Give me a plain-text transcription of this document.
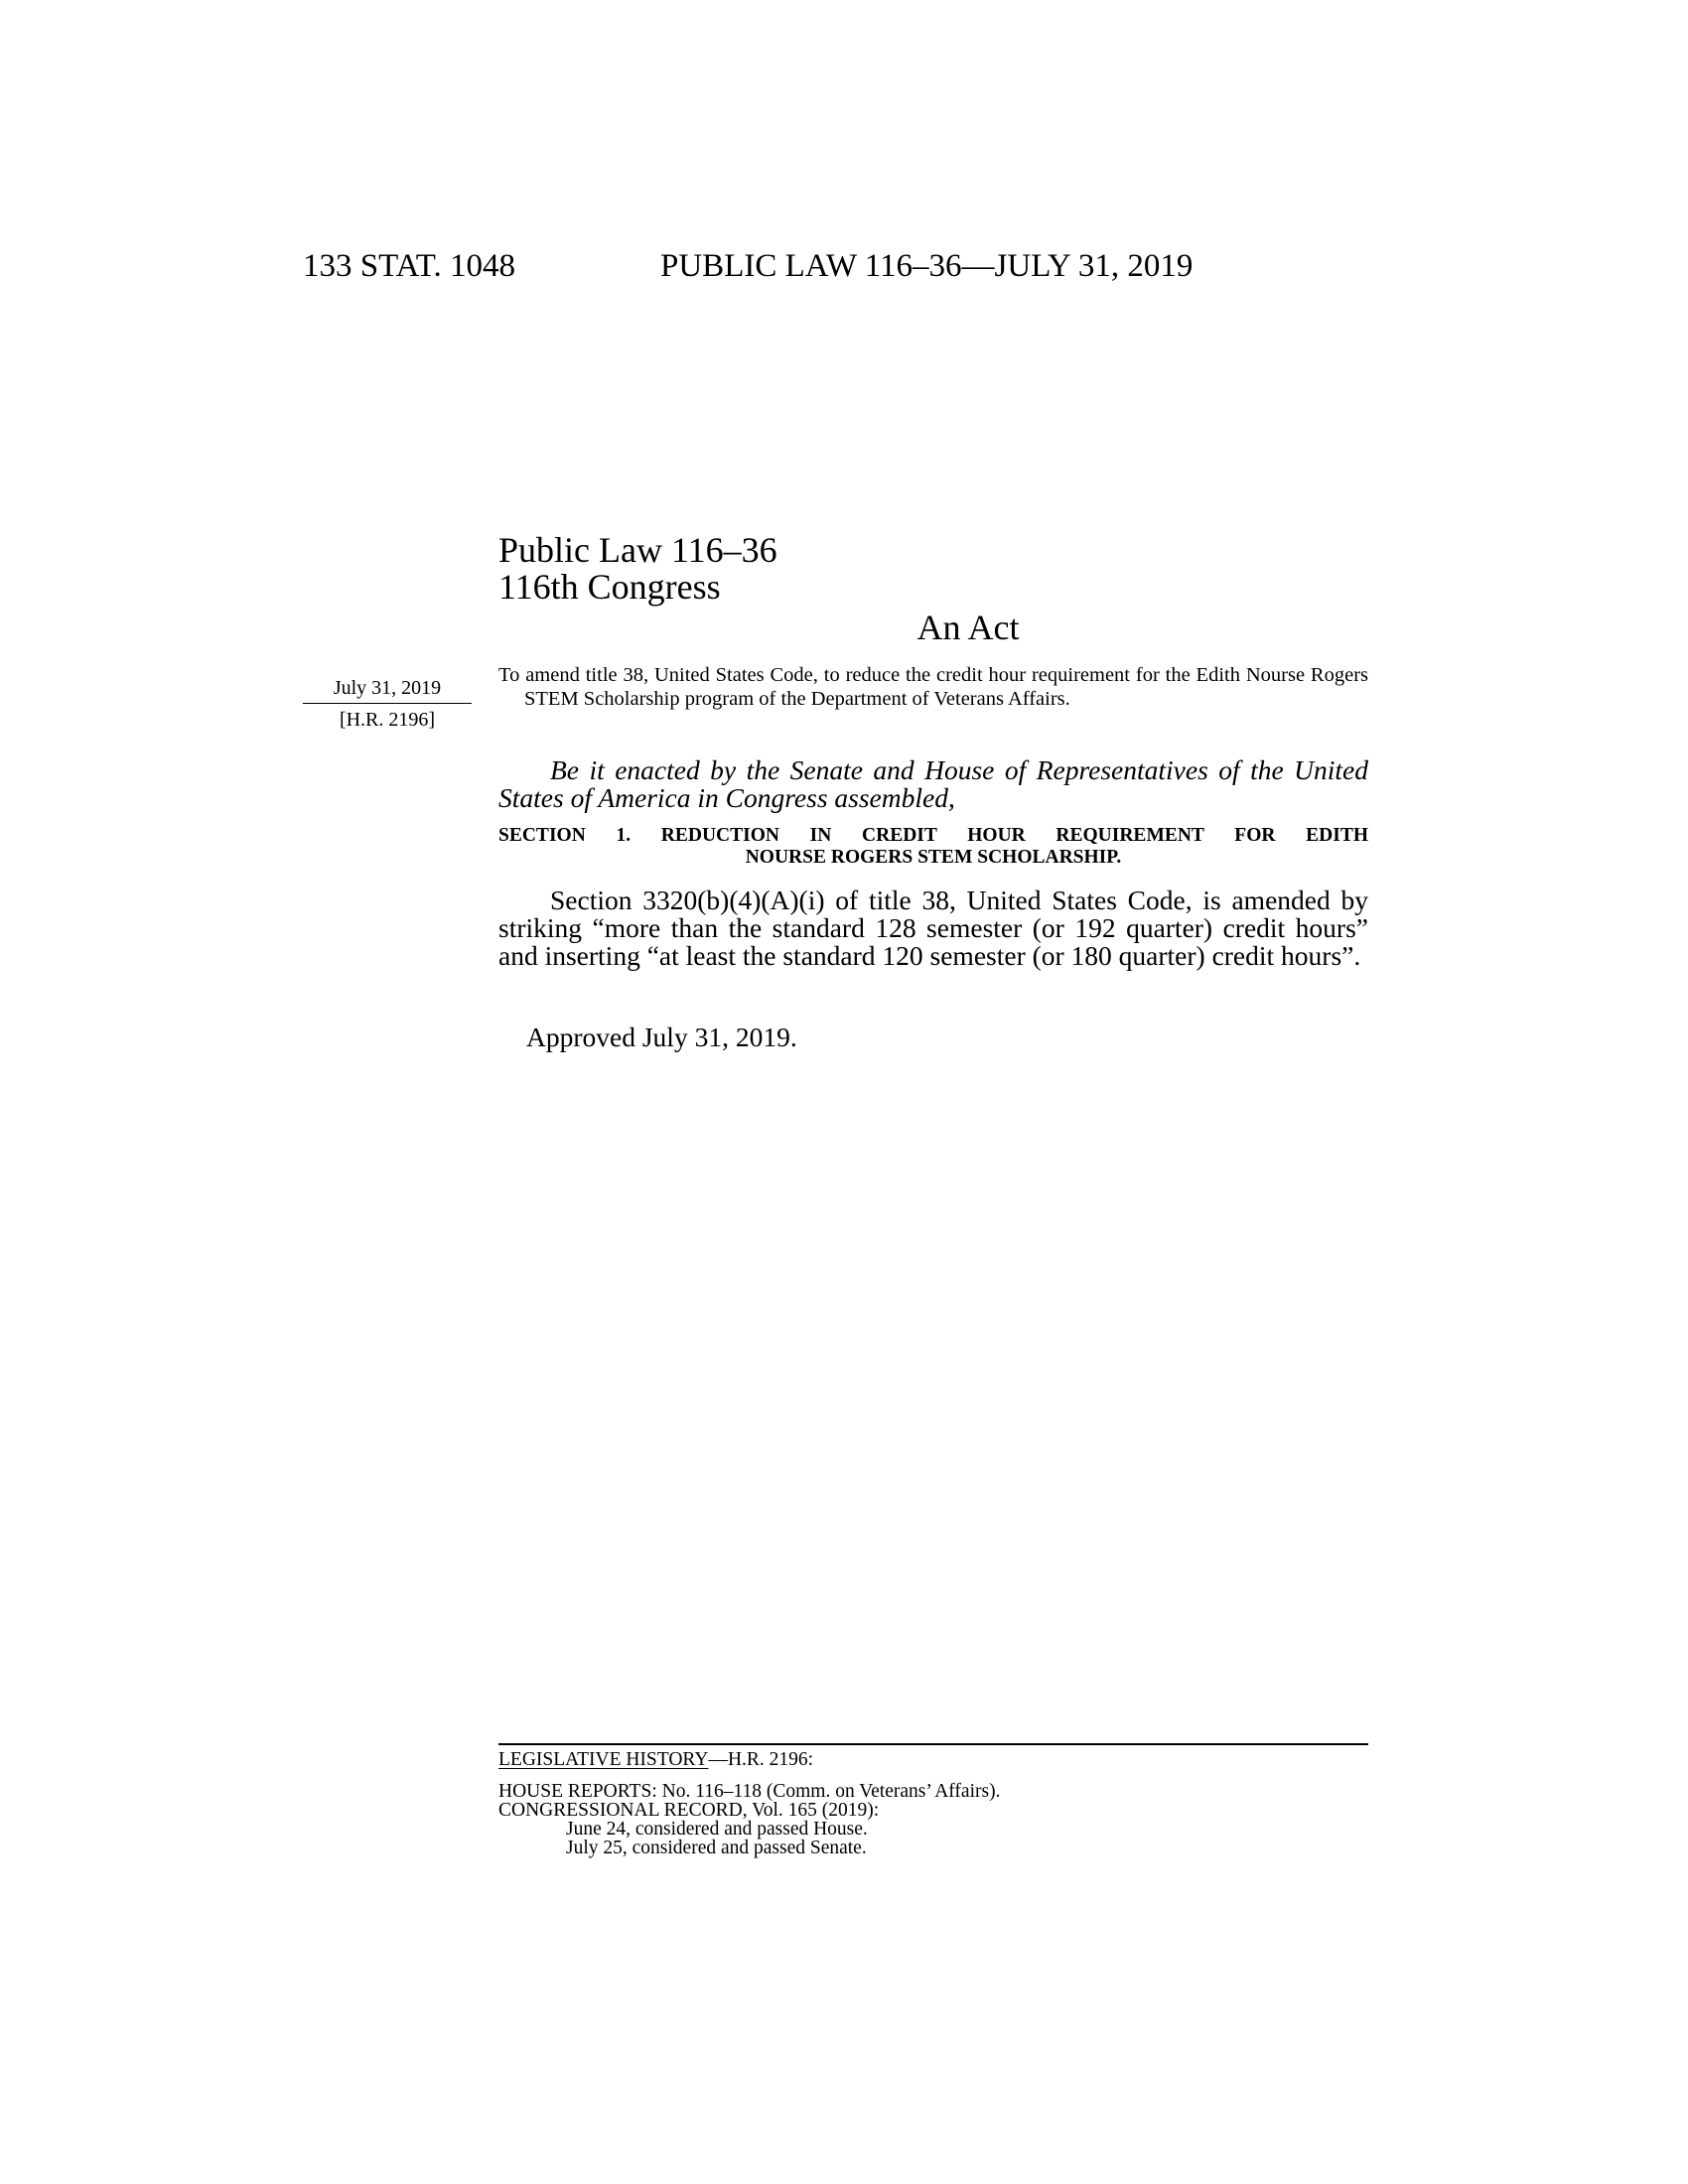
133 STAT. 1048	PUBLIC LAW 116–36—JULY 31, 2019
Public Law 116–36
116th Congress
An Act
July 31, 2019
[H.R. 2196]
To amend title 38, United States Code, to reduce the credit hour requirement for the Edith Nourse Rogers STEM Scholarship program of the Department of Veterans Affairs.
Be it enacted by the Senate and House of Representatives of the United States of America in Congress assembled,
SECTION 1. REDUCTION IN CREDIT HOUR REQUIREMENT FOR EDITH
NOURSE ROGERS STEM SCHOLARSHIP.
Section 3320(b)(4)(A)(i) of title 38, United States Code, is amended by striking “more than the standard 128 semester (or 192 quarter) credit hours” and inserting “at least the standard 120 semester (or 180 quarter) credit hours”.
Approved July 31, 2019.
LEGISLATIVE HISTORY—H.R. 2196:
HOUSE REPORTS: No. 116–118 (Comm. on Veterans’ Affairs).
CONGRESSIONAL RECORD, Vol. 165 (2019):
June 24, considered and passed House.
July 25, considered and passed Senate.
